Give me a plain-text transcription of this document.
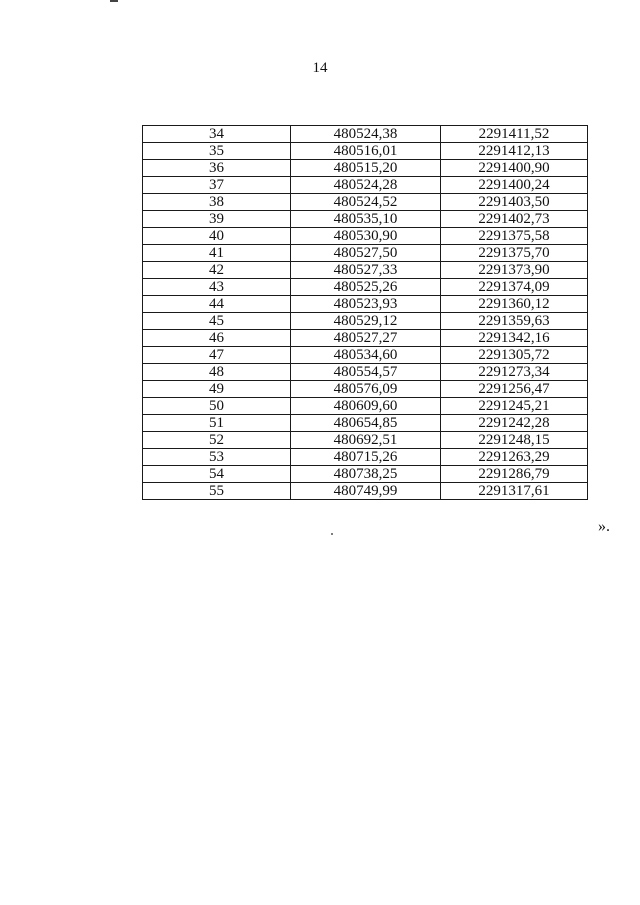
14
34	480524,38	2291411,52
35	480516,01	2291412,13
36	480515,20	2291400,90
37	480524,28	2291400,24
38	480524,52	2291403,50
39	480535,10	2291402,73
40	480530,90	2291375,58
41	480527,50	2291375,70
42	480527,33	2291373,90
43	480525,26	2291374,09
44	480523,93	2291360,12
45	480529,12	2291359,63
46	480527,27	2291342,16
47	480534,60	2291305,72
48	480554,57	2291273,34
49	480576,09	2291256,47
50	480609,60	2291245,21
51	480654,85	2291242,28
52	480692,51	2291248,15
53	480715,26	2291263,29
54	480738,25	2291286,79
55	480749,99	2291317,61
».
